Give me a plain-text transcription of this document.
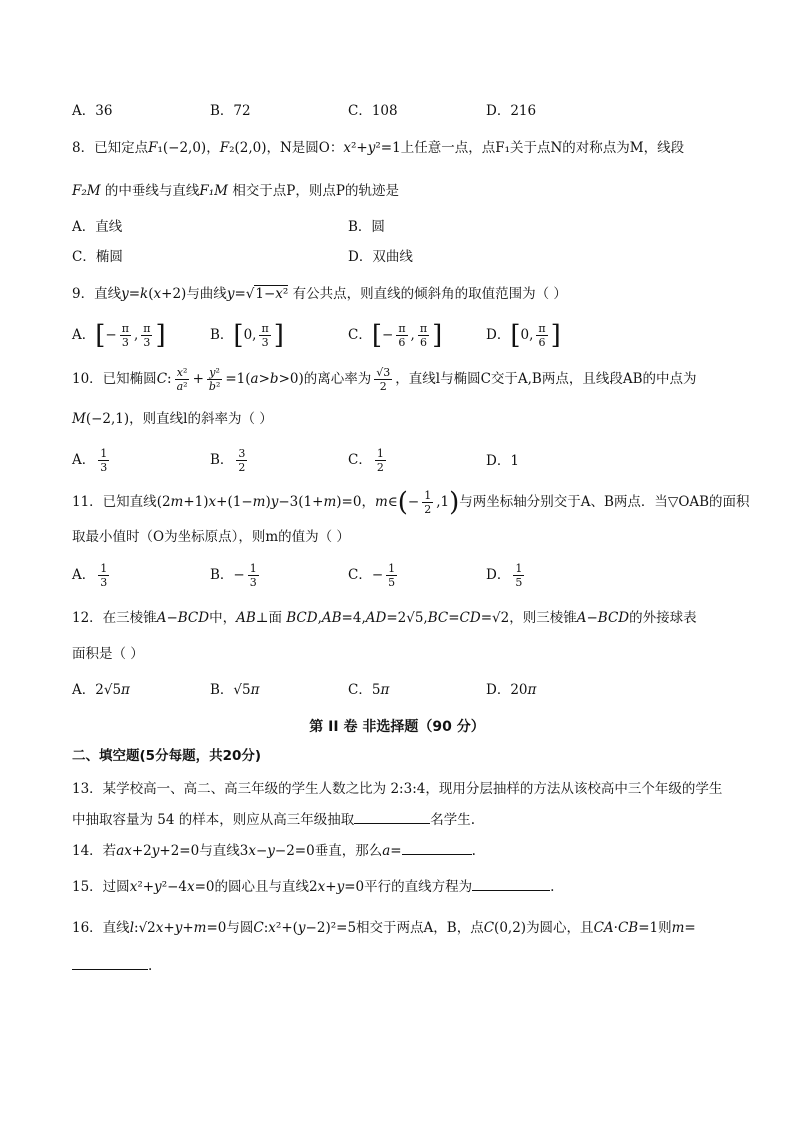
A．36	B．72	C．108	D．216
8．已知定点F₁(−2,0)，F₂(2,0)，N是圆O：x²+y²=1上任意一点，点F₁关于点N的对称点为M，线段
F₂M 的中垂线与直线F₁M 相交于点P，则点P的轨迹是
A．直线	B．圆
C．椭圆	D．双曲线
9．直线y=k(x+2)与曲线y=√1−x² 有公共点，则直线的倾斜角的取值范围为（ ）
A．[− $\frac{\pi}{3}$ , $\frac{\pi}{3}$ ]	B．[0, $\frac{\pi}{3}$ ]	C．[− $\frac{\pi}{6}$ , $\frac{\pi}{6}$ ]	D．[0, $\frac{\pi}{6}$ ]
10．已知椭圆C: $\frac{\text{x²}}{\text{a²}} + \frac{\text{y²}}{\text{b²}} =1(a>b>0)$的离心率为 $\frac{√3}{2}$ ，直线l与椭圆C交于A,B两点，且线段AB的中点为
M(−2,1)，则直线l的斜率为（ ）
A． $\frac{1}{3}$	B． $\frac{3}{2}$	C． $\frac{1}{2}$	D．1
11．已知直线(2m+1)x+(1−m)y−3(1+m)=0，m∈(− $\frac{1}{2} ,1$)与两坐标轴分别交于A、B两点．当▽OAB的面积
取最小值时（O为坐标原点），则m的值为（ ）
A． $\frac{1}{3}$	B．− $\frac{1}{3}$	C．− $\frac{1}{5}$	D． $\frac{1}{5}$
12．在三棱锥A−BCD中，AB⊥面 BCD,AB=4,AD=2√5,BC=CD=√2，则三棱锥A−BCD的外接球表
面积是（ ）
A．2√5π	B．√5π	C．5π	D．20π
第 II 卷 非选择题（90 分）
二、填空题(5分每题，共20分)
13．某学校高一、高二、高三年级的学生人数之比为 2:3:4，现用分层抽样的方法从该校高中三个年级的学生
中抽取容量为 54 的样本，则应从高三年级抽取	名学生.
14．若ax+2y+2=0与直线3x−y−2=0垂直，那么a=	.
15．过圆x²+y²−4x=0的圆心且与直线2x+y=0平行的直线方程为	.
16．直线l:√2x+y+m=0与圆C:x²+(y−2)²=5相交于两点A，B，点C(0,2)为圆心，且CA·CB=1则m=
.
